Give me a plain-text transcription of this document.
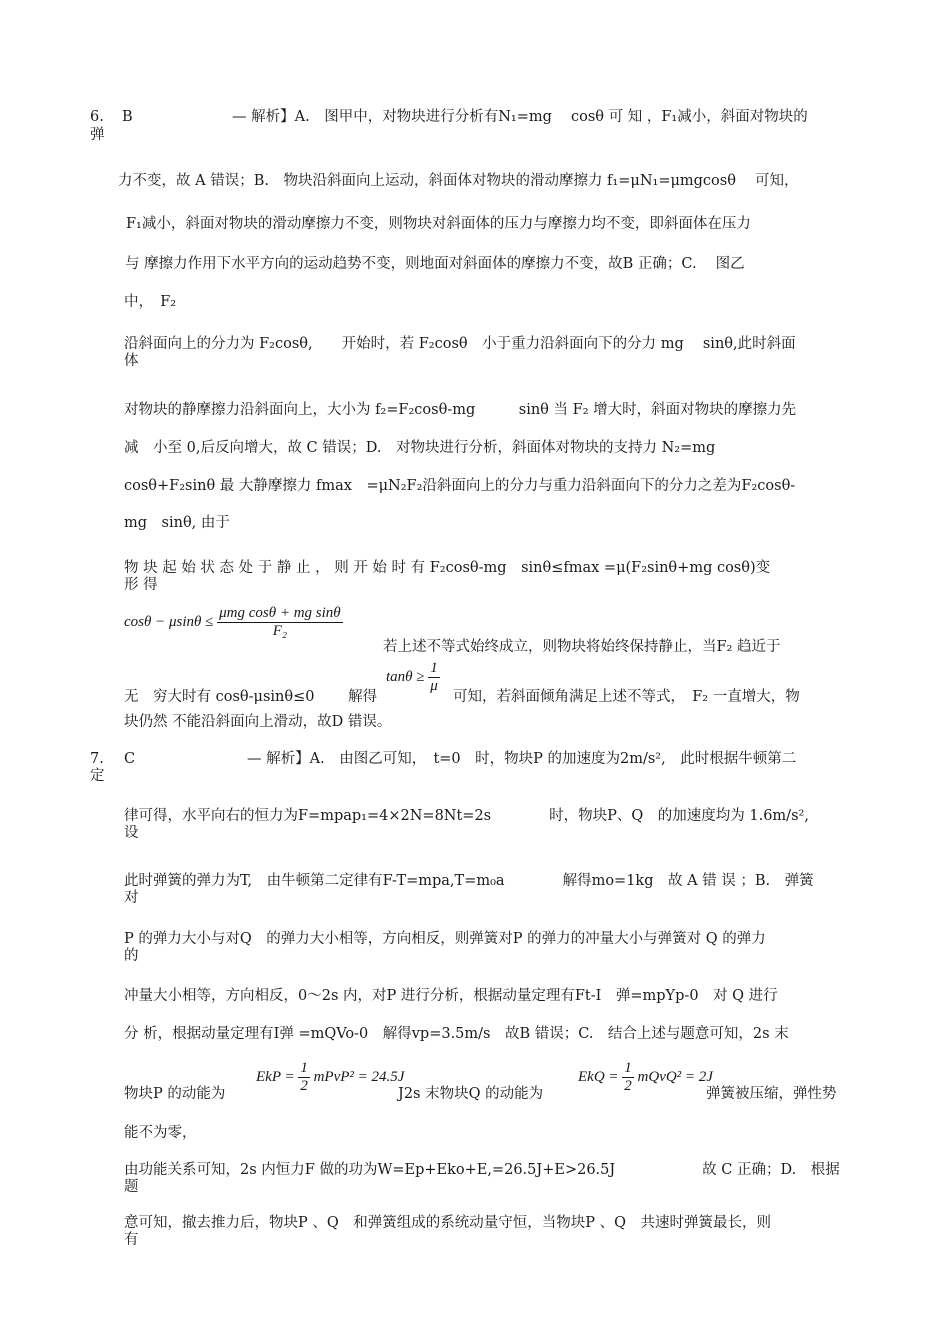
6. B	— 解析】A.　图甲中，对物块进行分析有N₁=mg　 cosθ 可 知 ，F₁减小，斜面对物块的
弹
力不变，故 A 错误；B.　物块沿斜面向上运动，斜面体对物块的滑动摩擦力 f₁=μN₁=μmgcosθ　 可知，
F₁减小，斜面对物块的滑动摩擦力不变，则物块对斜面体的压力与摩擦力均不变，即斜面体在压力
与 摩擦力作用下水平方向的运动趋势不变，则地面对斜面体的摩擦力不变，故B 正确；C.　 图乙
中，　F₂
沿斜面向上的分力为 F₂cosθ,　　开始时，若 F₂cosθ　小于重力沿斜面向下的分力 mg　 sinθ,此时斜面
体
对物块的静摩擦力沿斜面向上，大小为 f₂=F₂cosθ-mg　　　sinθ 当 F₂ 增大时，斜面对物块的摩擦力先
减　小至 0,后反向增大，故 C 错误；D.　对物块进行分析，斜面体对物块的支持力 N₂=mg
cosθ+F₂sinθ 最 大静摩擦力 fmax　=μN₂F₂沿斜面向上的分力与重力沿斜面向下的分力之差为F₂cosθ-
mg　sinθ, 由于
物 块 起 始 状 态 处 于 静 止 ， 则 开 始 时 有 F₂cosθ-mg　sinθ≤fmax =μ(F₂sinθ+mg cosθ)变
形 得
$\cos\theta - \mu\sin\theta \le \frac{\text{μmg cosθ + mg sinθ}}{\text{F₂}}$
若上述不等式始终成立，则物块将始终保持静止，当F₂ 趋近于
$\tan\theta \ge \frac{1}{\mu}$
无　穷大时有 cosθ-μsinθ≤0　　 解得	可知，若斜面倾角满足上述不等式，　F₂ 一直增大，物
块仍然 不能沿斜面向上滑动，故D 错误。
7. C	— 解析】A.　由图乙可知，　t=0　时，物块P 的加速度为2m/s²,　此时根据牛顿第二
定
律可得，水平向右的恒力为F=mpap₁=4×2N=8Nt=2s　　　　时，物块P、Q　的加速度均为 1.6m/s²,
设
此时弹簧的弹力为T,　由牛顿第二定律有F-T=mpa,T=m₀a　　　　解得mo=1kg　故 A 错 误 ；B.　弹簧
对
P 的弹力大小与对Q　的弹力大小相等，方向相反，则弹簧对P 的弹力的冲量大小与弹簧对 Q 的弹力
的
冲量大小相等，方向相反，0～2s 内，对P 进行分析，根据动量定理有Ft-I　弹=mpYp-0　对 Q 进行
分 析，根据动量定理有Ⅰ弹 =mQVo-0　解得vp=3.5m/s　故B 错误；C.　结合上述与题意可知，2s 末
物块P 的动能为
EkP = $\frac{1}{2}$ mPvP² = 24.5J
J2s 末物块Q 的动能为
EkQ = $\frac{1}{2}$ mQvQ² = 2J
弹簧被压缩，弹性势
能不为零，
由功能关系可知，2s 内恒力F 做的功为W=Ep+Eko+E,=26.5J+E>26.5J　　　　　　故 C 正确；D.　根据
题
意可知，撤去推力后，物块P 、Q　和弹簧组成的系统动量守恒，当物块P 、Q　共速时弹簧最长，则
有
